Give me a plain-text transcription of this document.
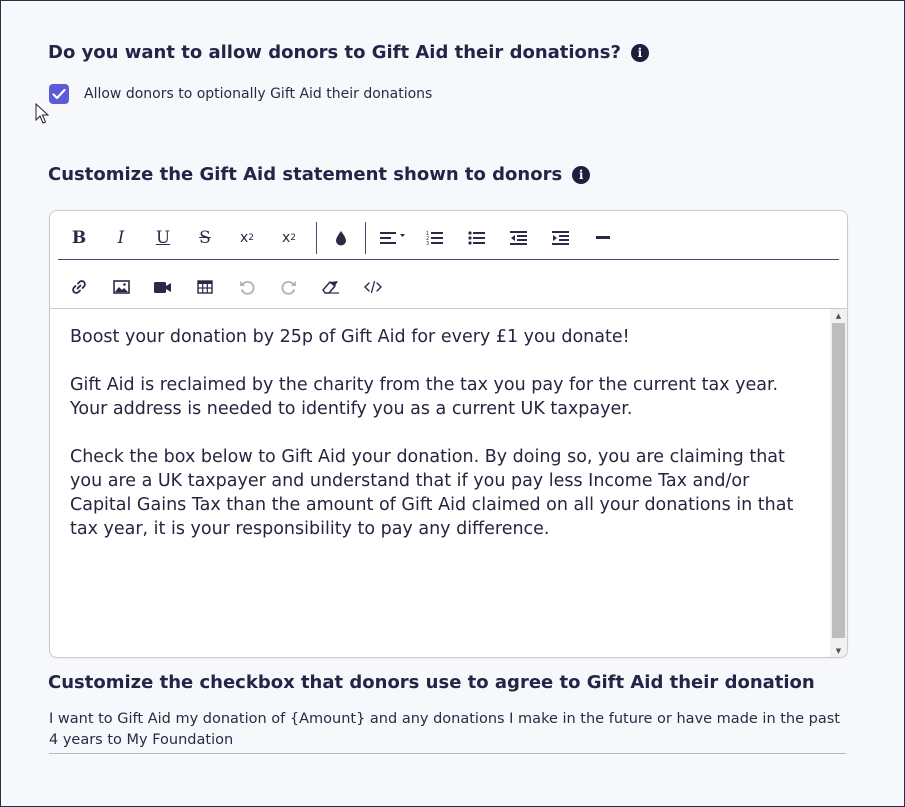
Do you want to allow donors to Gift Aid their donations?	i
Allow donors to optionally Gift Aid their donations
Customize the Gift Aid statement shown to donors	i
B I U S	x 2	x 2	1
2
3

Boost your donation by 25p of Gift Aid for every £1 you donate!

Gift Aid is reclaimed by the charity from the tax you pay for the current tax year. Your address is needed to identify you as a current UK taxpayer.

Check the box below to Gift Aid your donation. By doing so, you are claiming that you are a UK taxpayer and understand that if you pay less Income Tax and/or Capital Gains Tax than the amount of Gift Aid claimed on all your donations in that tax year, it is your responsibility to pay any difference.

▲
▼
Customize the checkbox that donors use to agree to Gift Aid their donation
I want to Gift Aid my donation of {Amount} and any donations I make in the future or have made in the past 4 years to My Foundation
